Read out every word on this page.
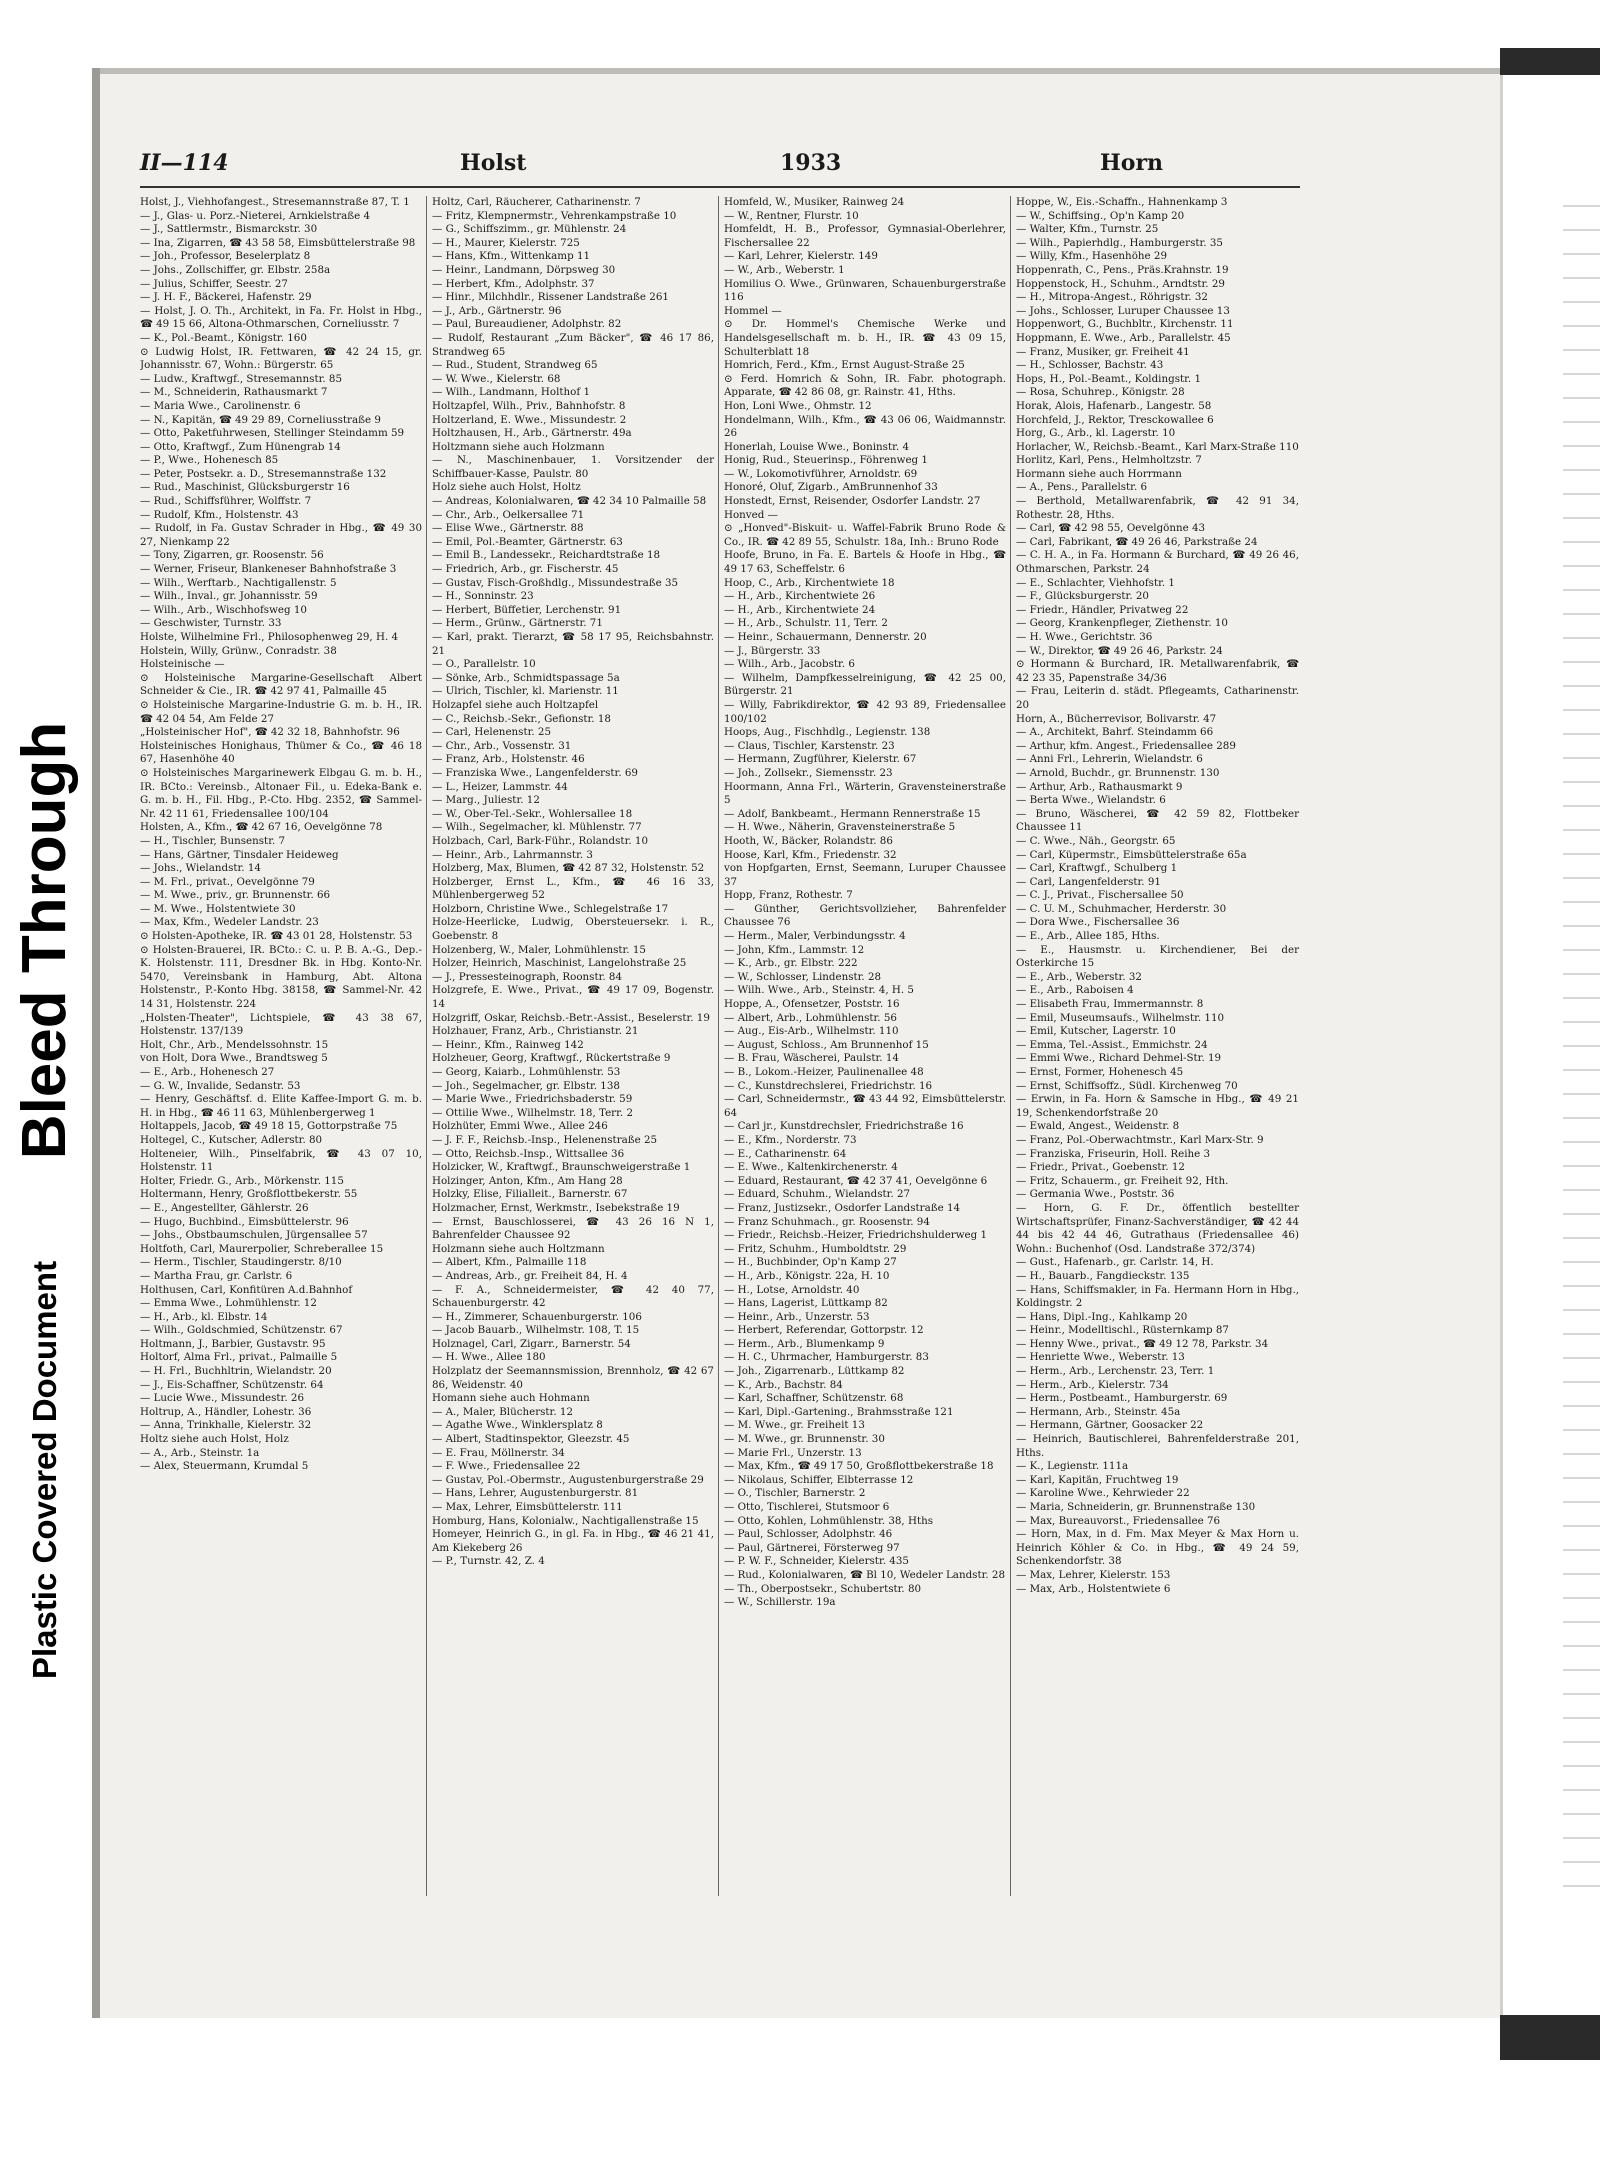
Bleed Through
Plastic Covered Document
II—114	Holst	1933	Horn

Holst, J., Viehhofangest., Stresemannstraße 87, T. 1

— J., Glas- u. Porz.-Nieterei, Arnkielstraße 4

— J., Sattlermstr., Bismarckstr. 30

— Ina, Zigarren, ☎ 43 58 58, Eimsbüttelerstraße 98

— Joh., Professor, Beselerplatz 8

— Johs., Zollschiffer, gr. Elbstr. 258a

— Julius, Schiffer, Seestr. 27

— J. H. F., Bäckerei, Hafenstr. 29

— Holst, J. O. Th., Architekt, in Fa. Fr. Holst in Hbg., ☎ 49 15 66, Altona-Othmarschen, Corneliusstr. 7

— K., Pol.-Beamt., Königstr. 160

⊙ Ludwig Holst, IR. Fettwaren, ☎ 42 24 15, gr. Johannisstr. 67, Wohn.: Bürgerstr. 65

— Ludw., Kraftwgf., Stresemannstr. 85

— M., Schneiderin, Rathausmarkt 7

— Maria Wwe., Carolinenstr. 6

— N., Kapitän, ☎ 49 29 89, Corneliusstraße 9

— Otto, Paketfuhrwesen, Stellinger Steindamm 59

— Otto, Kraftwgf., Zum Hünengrab 14

— P., Wwe., Hohenesch 85

— Peter, Postsekr. a. D., Stresemannstraße 132

— Rud., Maschinist, Glücksburgerstr 16

— Rud., Schiffsführer, Wolffstr. 7

— Rudolf, Kfm., Holstenstr. 43

— Rudolf, in Fa. Gustav Schrader in Hbg., ☎ 49 30 27, Nienkamp 22

— Tony, Zigarren, gr. Roosenstr. 56

— Werner, Friseur, Blankeneser Bahnhofstraße 3

— Wilh., Werftarb., Nachtigallenstr. 5

— Wilh., Inval., gr. Johannisstr. 59

— Wilh., Arb., Wischhofsweg 10

— Geschwister, Turnstr. 33

Holste, Wilhelmine Frl., Philosophenweg 29, H. 4

Holstein, Willy, Grünw., Conradstr. 38

Holsteinische —

⊙ Holsteinische Margarine-Gesellschaft Albert Schneider & Cie., IR. ☎ 42 97 41, Palmaille 45

⊙ Holsteinische Margarine-Industrie G. m. b. H., IR. ☎ 42 04 54, Am Felde 27

„Holsteinischer Hof", ☎ 42 32 18, Bahnhofstr. 96

Holsteinisches Honighaus, Thümer & Co., ☎ 46 18 67, Hasenhöhe 40

⊙ Holsteinisches Margarinewerk Elbgau G. m. b. H., IR. BCto.: Vereinsb., Altonaer Fil., u. Edeka-Bank e. G. m. b. H., Fil. Hbg., P.-Cto. Hbg. 2352, ☎ Sammel-Nr. 42 11 61, Friedensallee 100/104

Holsten, A., Kfm., ☎ 42 67 16, Oevelgönne 78

— H., Tischler, Bunsenstr. 7

— Hans, Gärtner, Tinsdaler Heideweg

— Johs., Wielandstr. 14

— M. Frl., privat., Oevelgönne 79

— M. Wwe., priv., gr. Brunnenstr. 66

— M. Wwe., Holstentwiete 30

— Max, Kfm., Wedeler Landstr. 23

⊙ Holsten-Apotheke, IR. ☎ 43 01 28, Holstenstr. 53

⊙ Holsten-Brauerei, IR. BCto.: C. u. P. B. A.-G., Dep.-K. Holstenstr. 111, Dresdner Bk. in Hbg. Konto-Nr. 5470, Vereinsbank in Hamburg, Abt. Altona Holstenstr., P.-Konto Hbg. 38158, ☎ Sammel-Nr. 42 14 31, Holstenstr. 224

„Holsten-Theater", Lichtspiele, ☎ 43 38 67, Holstenstr. 137/139

Holt, Chr., Arb., Mendelssohnstr. 15

von Holt, Dora Wwe., Brandtsweg 5

— E., Arb., Hohenesch 27

— G. W., Invalide, Sedanstr. 53

— Henry, Geschäftsf. d. Elite Kaffee-Import G. m. b. H. in Hbg., ☎ 46 11 63, Mühlenbergerweg 1

Holtappels, Jacob, ☎ 49 18 15, Gottorpstraße 75

Holtegel, C., Kutscher, Adlerstr. 80

Holteneier, Wilh., Pinselfabrik, ☎ 43 07 10, Holstenstr. 11

Holter, Friedr. G., Arb., Mörkenstr. 115

Holtermann, Henry, Großflottbekerstr. 55

— E., Angestellter, Gählerstr. 26

— Hugo, Buchbind., Eimsbüttelerstr. 96

— Johs., Obstbaumschulen, Jürgensallee 57

Holtfoth, Carl, Maurerpolier, Schreberallee 15

— Herm., Tischler, Staudingerstr. 8/10

— Martha Frau, gr. Carlstr. 6

Holthusen, Carl, Konfitüren A.d.Bahnhof

— Emma Wwe., Lohmühlenstr. 12

— H., Arb., kl. Elbstr. 14

— Wilh., Goldschmied, Schützenstr. 67

Holtmann, J., Barbier, Gustavstr. 95

Holtorf, Alma Frl., privat., Palmaille 5

— H. Frl., Buchhltrin, Wielandstr. 20

— J., Eis-Schaffner, Schützenstr. 64

— Lucie Wwe., Missundestr. 26

Holtrup, A., Händler, Lohestr. 36

— Anna, Trinkhalle, Kielerstr. 32

Holtz siehe auch Holst, Holz

— A., Arb., Steinstr. 1a

— Alex, Steuermann, Krumdal 5

Holtz, Carl, Räucherer, Catharinenstr. 7

— Fritz, Klempnermstr., Vehrenkampstraße 10

— G., Schiffszimm., gr. Mühlenstr. 24

— H., Maurer, Kielerstr. 725

— Hans, Kfm., Wittenkamp 11

— Heinr., Landmann, Dörpsweg 30

— Herbert, Kfm., Adolphstr. 37

— Hinr., Milchhdlr., Rissener Landstraße 261

— J., Arb., Gärtnerstr. 96

— Paul, Bureaudiener, Adolphstr. 82

— Rudolf, Restaurant „Zum Bäcker", ☎ 46 17 86, Strandweg 65

— Rud., Student, Strandweg 65

— W. Wwe., Kielerstr. 68

— Wilh., Landmann, Holthof 1

Holtzapfel, Wilh., Priv., Bahnhofstr. 8

Holtzerland, E. Wwe., Missundestr. 2

Holtzhausen, H., Arb., Gärtnerstr. 49a

Holtzmann siehe auch Holzmann

— N., Maschinenbauer, 1. Vorsitzender der Schiffbauer-Kasse, Paulstr. 80

Holz siehe auch Holst, Holtz

— Andreas, Kolonialwaren, ☎ 42 34 10 Palmaille 58

— Chr., Arb., Oelkersallee 71

— Elise Wwe., Gärtnerstr. 88

— Emil, Pol.-Beamter, Gärtnerstr. 63

— Emil B., Landessekr., Reichardtstraße 18

— Friedrich, Arb., gr. Fischerstr. 45

— Gustav, Fisch-Großhdlg., Missundestraße 35

— H., Sonninstr. 23

— Herbert, Büffetier, Lerchenstr. 91

— Herm., Grünw., Gärtnerstr. 71

— Karl, prakt. Tierarzt, ☎ 58 17 95, Reichsbahnstr. 21

— O., Parallelstr. 10

— Sönke, Arb., Schmidtspassage 5a

— Ulrich, Tischler, kl. Marienstr. 11

Holzapfel siehe auch Holtzapfel

— C., Reichsb.-Sekr., Gefionstr. 18

— Carl, Helenenstr. 25

— Chr., Arb., Vossenstr. 31

— Franz, Arb., Holstenstr. 46

— Franziska Wwe., Langenfelderstr. 69

— L., Heizer, Lammstr. 44

— Marg., Juliestr. 12

— W., Ober-Tel.-Sekr., Wohlersallee 18

— Wilh., Segelmacher, kl. Mühlenstr. 77

Holzbach, Carl, Bark-Führ., Rolandstr. 10

— Heinr., Arb., Lahrmannstr. 3

Holzberg, Max, Blumen, ☎ 42 87 32, Holstenstr. 52

Holzberger, Ernst L., Kfm., ☎ 46 16 33, Mühlenbergerweg 52

Holzborn, Christine Wwe., Schlegelstraße 17

Holze-Heerlicke, Ludwig, Obersteuersekr. i. R., Goebenstr. 8

Holzenberg, W., Maler, Lohmühlenstr. 15

Holzer, Heinrich, Maschinist, Langelohstraße 25

— J., Pressesteinograph, Roonstr. 84

Holzgrefe, E. Wwe., Privat., ☎ 49 17 09, Bogenstr. 14

Holzgriff, Oskar, Reichsb.-Betr.-Assist., Beselerstr. 19

Holzhauer, Franz, Arb., Christianstr. 21

— Heinr., Kfm., Rainweg 142

Holzheuer, Georg, Kraftwgf., Rückertstraße 9

— Georg, Kaiarb., Lohmühlenstr. 53

— Joh., Segelmacher, gr. Elbstr. 138

— Marie Wwe., Friedrichsbaderstr. 59

— Ottilie Wwe., Wilhelmstr. 18, Terr. 2

Holzhüter, Emmi Wwe., Allee 246

— J. F. F., Reichsb.-Insp., Helenenstraße 25

— Otto, Reichsb.-Insp., Wittsallee 36

Holzicker, W., Kraftwgf., Braunschweigerstraße 1

Holzinger, Anton, Kfm., Am Hang 28

Holzky, Elise, Filialleit., Barnerstr. 67

Holzmacher, Ernst, Werkmstr., Isebekstraße 19

— Ernst, Bauschlosserei, ☎ 43 26 16 N 1, Bahrenfelder Chaussee 92

Holzmann siehe auch Holtzmann

— Albert, Kfm., Palmaille 118

— Andreas, Arb., gr. Freiheit 84, H. 4

— F. A., Schneidermeister, ☎ 42 40 77, Schauenburgerstr. 42

— H., Zimmerer, Schauenburgerstr. 106

— Jacob Bauarb., Wilhelmstr. 108, T. 15

Holznagel, Carl, Zigarr., Barnerstr. 54

— H. Wwe., Allee 180

Holzplatz der Seemannsmission, Brennholz, ☎ 42 67 86, Weidenstr. 40

Homann siehe auch Hohmann

— A., Maler, Blücherstr. 12

— Agathe Wwe., Winklersplatz 8

— Albert, Stadtinspektor, Gleezstr. 45

— E. Frau, Möllnerstr. 34

— F. Wwe., Friedensallee 22

— Gustav, Pol.-Obermstr., Augustenburgerstraße 29

— Hans, Lehrer, Augustenburgerstr. 81

— Max, Lehrer, Eimsbüttelerstr. 111

Homburg, Hans, Kolonialw., Nachtigallenstraße 15

Homeyer, Heinrich G., in gl. Fa. in Hbg., ☎ 46 21 41, Am Kiekeberg 26

— P., Turnstr. 42, Z. 4

Homfeld, W., Musiker, Rainweg 24

— W., Rentner, Flurstr. 10

Homfeldt, H. B., Professor, Gymnasial-Oberlehrer, Fischersallee 22

— Karl, Lehrer, Kielerstr. 149

— W., Arb., Weberstr. 1

Homilius O. Wwe., Grünwaren, Schauenburgerstraße 116

Hommel —

⊙ Dr. Hommel's Chemische Werke und Handelsgesellschaft m. b. H., IR. ☎ 43 09 15, Schulterblatt 18

Homrich, Ferd., Kfm., Ernst August-Straße 25

⊙ Ferd. Homrich & Sohn, IR. Fabr. photograph. Apparate, ☎ 42 86 08, gr. Rainstr. 41, Hths.

Hon, Loni Wwe., Ohmstr. 12

Hondelmann, Wilh., Kfm., ☎ 43 06 06, Waidmannstr. 26

Honerlah, Louise Wwe., Boninstr. 4

Honig, Rud., Steuerinsp., Föhrenweg 1

— W., Lokomotivführer, Arnoldstr. 69

Honoré, Oluf, Zigarb., AmBrunnenhof 33

Honstedt, Ernst, Reisender, Osdorfer Landstr. 27

Honved —

⊙ „Honved"-Biskuit- u. Waffel-Fabrik Bruno Rode & Co., IR. ☎ 42 89 55, Schulstr. 18a, Inh.: Bruno Rode

Hoofe, Bruno, in Fa. E. Bartels & Hoofe in Hbg., ☎ 49 17 63, Scheffelstr. 6

Hoop, C., Arb., Kirchentwiete 18

— H., Arb., Kirchentwiete 26

— H., Arb., Kirchentwiete 24

— H., Arb., Schulstr. 11, Terr. 2

— Heinr., Schauermann, Dennerstr. 20

— J., Bürgerstr. 33

— Wilh., Arb., Jacobstr. 6

— Wilhelm, Dampfkesselreinigung, ☎ 42 25 00, Bürgerstr. 21

— Willy, Fabrikdirektor, ☎ 42 93 89, Friedensallee 100/102

Hoops, Aug., Fischhdlg., Legienstr. 138

— Claus, Tischler, Karstenstr. 23

— Hermann, Zugführer, Kielerstr. 67

— Joh., Zollsekr., Siemensstr. 23

Hoormann, Anna Frl., Wärterin, Gravensteinerstraße 5

— Adolf, Bankbeamt., Hermann Rennerstraße 15

— H. Wwe., Näherin, Gravensteinerstraße 5

Hooth, W., Bäcker, Rolandstr. 86

Hoose, Karl, Kfm., Friedenstr. 32

von Hopfgarten, Ernst, Seemann, Luruper Chaussee 37

Hopp, Franz, Rothestr. 7

— Günther, Gerichtsvollzieher, Bahrenfelder Chaussee 76

— Herm., Maler, Verbindungsstr. 4

— John, Kfm., Lammstr. 12

— K., Arb., gr. Elbstr. 222

— W., Schlosser, Lindenstr. 28

— Wilh. Wwe., Arb., Steinstr. 4, H. 5

Hoppe, A., Ofensetzer, Poststr. 16

— Albert, Arb., Lohmühlenstr. 56

— Aug., Eis-Arb., Wilhelmstr. 110

— August, Schloss., Am Brunnenhof 15

— B. Frau, Wäscherei, Paulstr. 14

— B., Lokom.-Heizer, Paulinenallee 48

— C., Kunstdrechslerei, Friedrichstr. 16

— Carl, Schneidermstr., ☎ 43 44 92, Eimsbüttelerstr. 64

— Carl jr., Kunstdrechsler, Friedrichstraße 16

— E., Kfm., Norderstr. 73

— E., Catharinenstr. 64

— E. Wwe., Kaltenkirchenerstr. 4

— Eduard, Restaurant, ☎ 42 37 41, Oevelgönne 6

— Eduard, Schuhm., Wielandstr. 27

— Franz, Justizsekr., Osdorfer Landstraße 14

— Franz Schuhmach., gr. Roosenstr. 94

— Friedr., Reichsb.-Heizer, Friedrichshulderweg 1

— Fritz, Schuhm., Humboldtstr. 29

— H., Buchbinder, Op'n Kamp 27

— H., Arb., Königstr. 22a, H. 10

— H., Lotse, Arnoldstr. 40

— Hans, Lagerist, Lüttkamp 82

— Heinr., Arb., Unzerstr. 53

— Herbert, Referendar, Gottorpstr. 12

— Herm., Arb., Blumenkamp 9

— H. C., Uhrmacher, Hamburgerstr. 83

— Joh., Zigarrenarb., Lüttkamp 82

— K., Arb., Bachstr. 84

— Karl, Schaffner, Schützenstr. 68

— Karl, Dipl.-Gartening., Brahmsstraße 121

— M. Wwe., gr. Freiheit 13

— M. Wwe., gr. Brunnenstr. 30

— Marie Frl., Unzerstr. 13

— Max, Kfm., ☎ 49 17 50, Großflottbekerstraße 18

— Nikolaus, Schiffer, Elbterrasse 12

— O., Tischler, Barnerstr. 2

— Otto, Tischlerei, Stutsmoor 6

— Otto, Kohlen, Lohmühlenstr. 38, Hths

— Paul, Schlosser, Adolphstr. 46

— Paul, Gärtnerei, Försterweg 97

— P. W. F., Schneider, Kielerstr. 435

— Rud., Kolonialwaren, ☎ Bl 10, Wedeler Landstr. 28

— Th., Oberpostsekr., Schubertstr. 80

— W., Schillerstr. 19a

Hoppe, W., Eis.-Schaffn., Hahnenkamp 3

— W., Schiffsing., Op'n Kamp 20

— Walter, Kfm., Turnstr. 25

— Wilh., Papierhdlg., Hamburgerstr. 35

— Willy, Kfm., Hasenhöhe 29

Hoppenrath, C., Pens., Präs.Krahnstr. 19

Hoppenstock, H., Schuhm., Arndtstr. 29

— H., Mitropa-Angest., Röhrigstr. 32

— Johs., Schlosser, Luruper Chaussee 13

Hoppenwort, G., Buchbltr., Kirchenstr. 11

Hoppmann, E. Wwe., Arb., Parallelstr. 45

— Franz, Musiker, gr. Freiheit 41

— H., Schlosser, Bachstr. 43

Hops, H., Pol.-Beamt., Koldingstr. 1

— Rosa, Schuhrep., Königstr. 28

Horak, Alois, Hafenarb., Langestr. 58

Horchfeld, J., Rektor, Tresckowallee 6

Horg, G., Arb., kl. Lagerstr. 10

Horlacher, W., Reichsb.-Beamt., Karl Marx-Straße 110

Horlitz, Karl, Pens., Helmholtzstr. 7

Hormann siehe auch Horrmann

— A., Pens., Parallelstr. 6

— Berthold, Metallwarenfabrik, ☎ 42 91 34, Rothestr. 28, Hths.

— Carl, ☎ 42 98 55, Oevelgönne 43

— Carl, Fabrikant, ☎ 49 26 46, Parkstraße 24

— C. H. A., in Fa. Hormann & Burchard, ☎ 49 26 46, Othmarschen, Parkstr. 24

— E., Schlachter, Viehhofstr. 1

— F., Glücksburgerstr. 20

— Friedr., Händler, Privatweg 22

— Georg, Krankenpfleger, Ziethenstr. 10

— H. Wwe., Gerichtstr. 36

— W., Direktor, ☎ 49 26 46, Parkstr. 24

⊙ Hormann & Burchard, IR. Metallwarenfabrik, ☎ 42 23 35, Papenstraße 34/36

— Frau, Leiterin d. städt. Pflegeamts, Catharinenstr. 20

Horn, A., Bücherrevisor, Bolivarstr. 47

— A., Architekt, Bahrf. Steindamm 66

— Arthur, kfm. Angest., Friedensallee 289

— Anni Frl., Lehrerin, Wielandstr. 6

— Arnold, Buchdr., gr. Brunnenstr. 130

— Arthur, Arb., Rathausmarkt 9

— Berta Wwe., Wielandstr. 6

— Bruno, Wäscherei, ☎ 42 59 82, Flottbeker Chaussee 11

— C. Wwe., Näh., Georgstr. 65

— Carl, Küpermstr., Eimsbüttelerstraße 65a

— Carl, Kraftwgf., Schulberg 1

— Carl, Langenfelderstr. 91

— C. J., Privat., Fischersallee 50

— C. U. M., Schuhmacher, Herderstr. 30

— Dora Wwe., Fischersallee 36

— E., Arb., Allee 185, Hths.

— E., Hausmstr. u. Kirchendiener, Bei der Osterkirche 15

— E., Arb., Weberstr. 32

— E., Arb., Raboisen 4

— Elisabeth Frau, Immermannstr. 8

— Emil, Museumsaufs., Wilhelmstr. 110

— Emil, Kutscher, Lagerstr. 10

— Emma, Tel.-Assist., Emmichstr. 24

— Emmi Wwe., Richard Dehmel-Str. 19

— Ernst, Former, Hohenesch 45

— Ernst, Schiffsoffz., Südl. Kirchenweg 70

— Erwin, in Fa. Horn & Samsche in Hbg., ☎ 49 21 19, Schenkendorfstraße 20

— Ewald, Angest., Weidenstr. 8

— Franz, Pol.-Oberwachtmstr., Karl Marx-Str. 9

— Franziska, Friseurin, Holl. Reihe 3

— Friedr., Privat., Goebenstr. 12

— Fritz, Schauerm., gr. Freiheit 92, Hth.

— Germania Wwe., Poststr. 36

— Horn, G. F. Dr., öffentlich bestellter Wirtschaftsprüfer, Finanz-Sachverständiger, ☎ 42 44 44 bis 42 44 46, Gutrathaus (Friedensallee 46) Wohn.: Buchenhof (Osd. Landstraße 372/374)

— Gust., Hafenarb., gr. Carlstr. 14, H.

— H., Bauarb., Fangdieckstr. 135

— Hans, Schiffsmakler, in Fa. Hermann Horn in Hbg., Koldingstr. 2

— Hans, Dipl.-Ing., Kahlkamp 20

— Heinr., Modelltischl., Rüsternkamp 87

— Henny Wwe., privat., ☎ 49 12 78, Parkstr. 34

— Henriette Wwe., Weberstr. 13

— Herm., Arb., Lerchenstr. 23, Terr. 1

— Herm., Arb., Kielerstr. 734

— Herm., Postbeamt., Hamburgerstr. 69

— Hermann, Arb., Steinstr. 45a

— Hermann, Gärtner, Goosacker 22

— Heinrich, Bautischlerei, Bahrenfelderstraße 201, Hths.

— K., Legienstr. 111a

— Karl, Kapitän, Fruchtweg 19

— Karoline Wwe., Kehrwieder 22

— Maria, Schneiderin, gr. Brunnenstraße 130

— Max, Bureauvorst., Friedensallee 76

— Horn, Max, in d. Fm. Max Meyer & Max Horn u. Heinrich Köhler & Co. in Hbg., ☎ 49 24 59, Schenkendorfstr. 38

— Max, Lehrer, Kielerstr. 153

— Max, Arb., Holstentwiete 6
